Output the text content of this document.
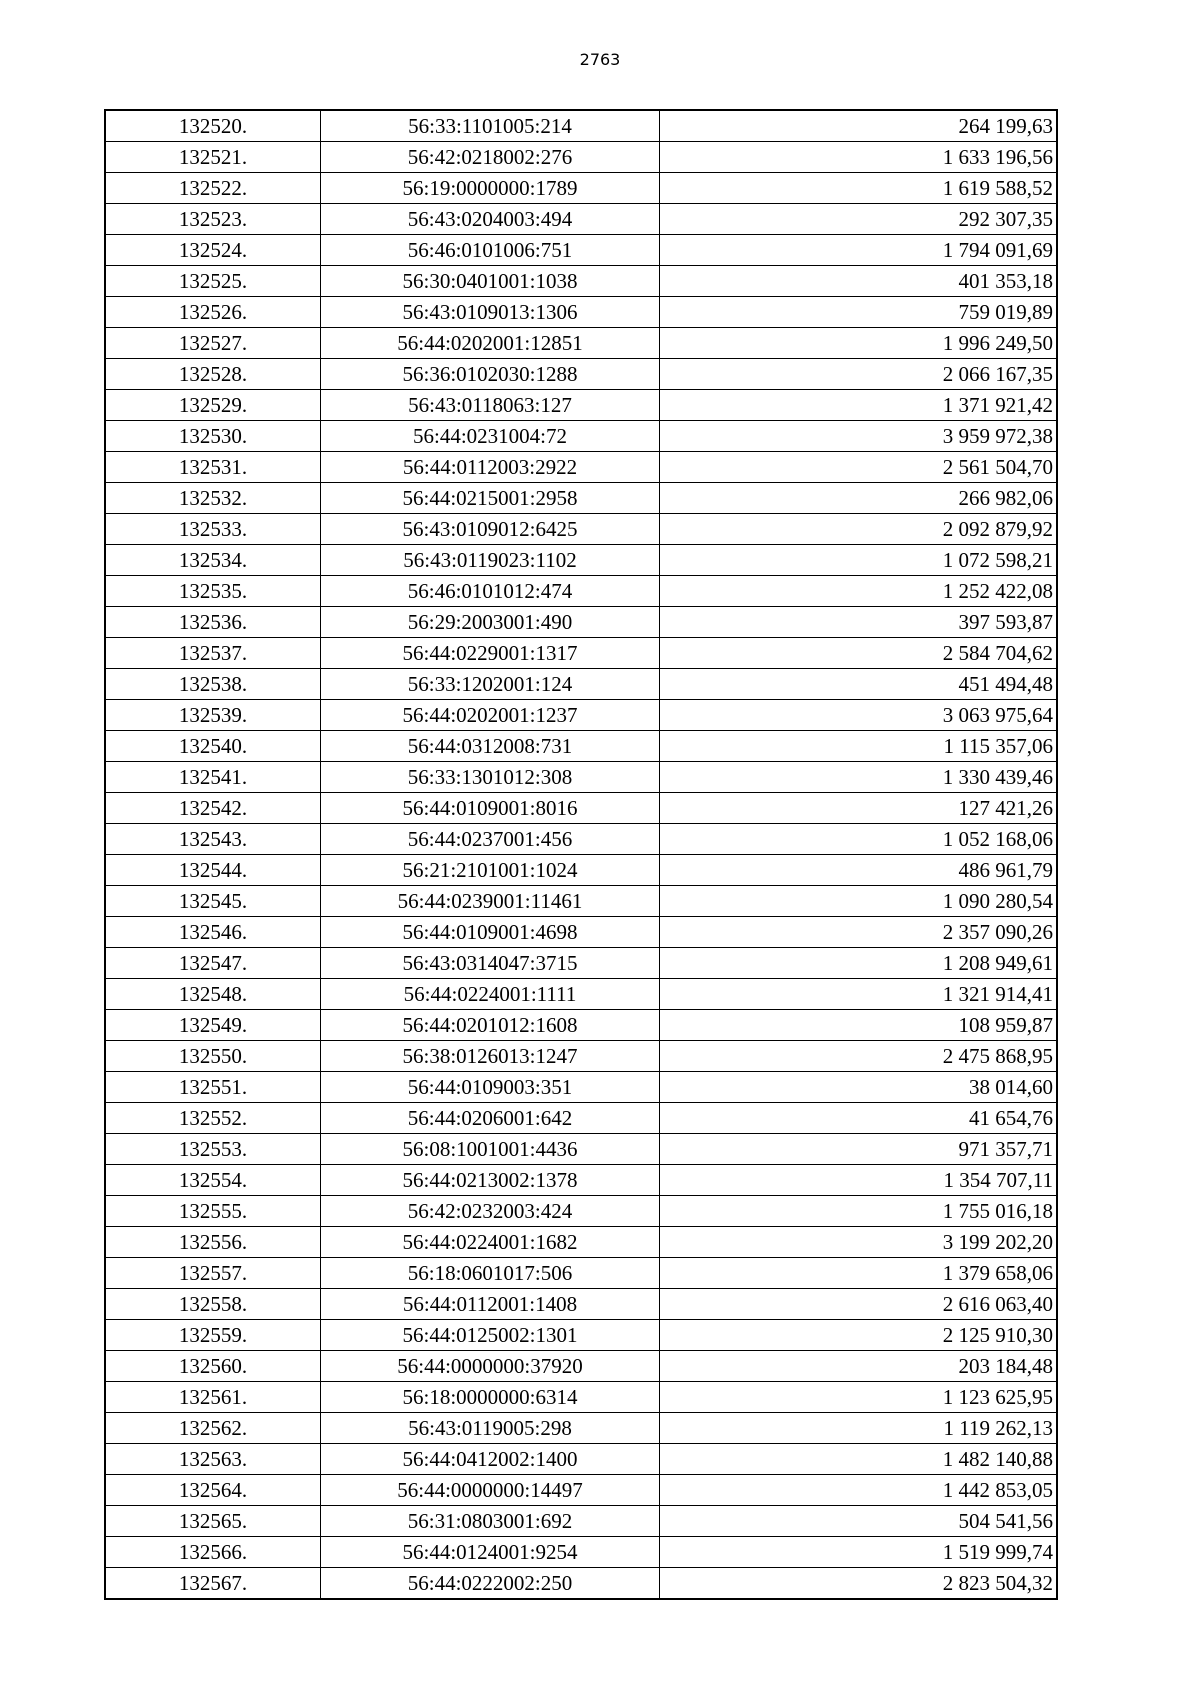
2763
132520.	56:33:1101005:214	264 199,63
132521.	56:42:0218002:276	1 633 196,56
132522.	56:19:0000000:1789	1 619 588,52
132523.	56:43:0204003:494	292 307,35
132524.	56:46:0101006:751	1 794 091,69
132525.	56:30:0401001:1038	401 353,18
132526.	56:43:0109013:1306	759 019,89
132527.	56:44:0202001:12851	1 996 249,50
132528.	56:36:0102030:1288	2 066 167,35
132529.	56:43:0118063:127	1 371 921,42
132530.	56:44:0231004:72	3 959 972,38
132531.	56:44:0112003:2922	2 561 504,70
132532.	56:44:0215001:2958	266 982,06
132533.	56:43:0109012:6425	2 092 879,92
132534.	56:43:0119023:1102	1 072 598,21
132535.	56:46:0101012:474	1 252 422,08
132536.	56:29:2003001:490	397 593,87
132537.	56:44:0229001:1317	2 584 704,62
132538.	56:33:1202001:124	451 494,48
132539.	56:44:0202001:1237	3 063 975,64
132540.	56:44:0312008:731	1 115 357,06
132541.	56:33:1301012:308	1 330 439,46
132542.	56:44:0109001:8016	127 421,26
132543.	56:44:0237001:456	1 052 168,06
132544.	56:21:2101001:1024	486 961,79
132545.	56:44:0239001:11461	1 090 280,54
132546.	56:44:0109001:4698	2 357 090,26
132547.	56:43:0314047:3715	1 208 949,61
132548.	56:44:0224001:1111	1 321 914,41
132549.	56:44:0201012:1608	108 959,87
132550.	56:38:0126013:1247	2 475 868,95
132551.	56:44:0109003:351	38 014,60
132552.	56:44:0206001:642	41 654,76
132553.	56:08:1001001:4436	971 357,71
132554.	56:44:0213002:1378	1 354 707,11
132555.	56:42:0232003:424	1 755 016,18
132556.	56:44:0224001:1682	3 199 202,20
132557.	56:18:0601017:506	1 379 658,06
132558.	56:44:0112001:1408	2 616 063,40
132559.	56:44:0125002:1301	2 125 910,30
132560.	56:44:0000000:37920	203 184,48
132561.	56:18:0000000:6314	1 123 625,95
132562.	56:43:0119005:298	1 119 262,13
132563.	56:44:0412002:1400	1 482 140,88
132564.	56:44:0000000:14497	1 442 853,05
132565.	56:31:0803001:692	504 541,56
132566.	56:44:0124001:9254	1 519 999,74
132567.	56:44:0222002:250	2 823 504,32
